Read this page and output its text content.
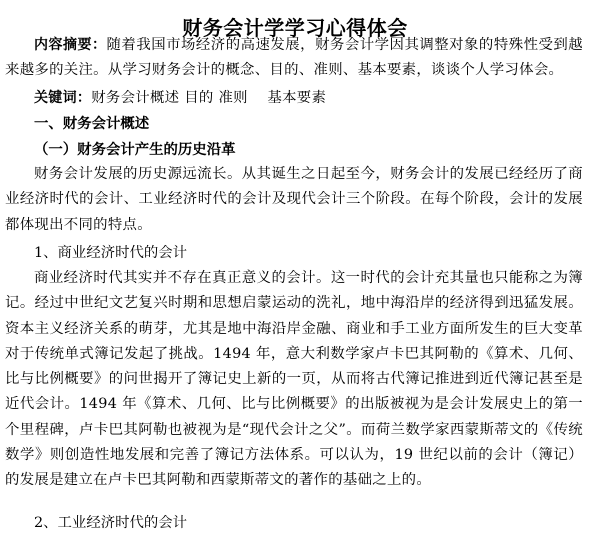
财务会计学学习心得体会

内容摘要：随着我国市场经济的高速发展，财务会计学因其调整对象的特殊性受到越来越多的关注。从学习财务会计的概念、目的、准则、基本要素，谈谈个人学习体会。

关键词：财务会计概述 目的 准则　 基本要素

一、财务会计概述
（一）财务会计产生的历史沿革

财务会计发展的历史源远流长。从其诞生之日起至今，财务会计的发展已经经历了商业经济时代的会计、工业经济时代的会计及现代会计三个阶段。在每个阶段，会计的发展都体现出不同的特点。

1、商业经济时代的会计

商业经济时代其实并不存在真正意义的会计。这一时代的会计充其量也只能称之为簿记。经过中世纪文艺复兴时期和思想启蒙运动的洗礼，地中海沿岸的经济得到迅猛发展。资本主义经济关系的萌芽，尤其是地中海沿岸金融、商业和手工业方面所发生的巨大变革对于传统单式簿记发起了挑战。1494 年，意大利数学家卢卡巴其阿勒的《算术、几何、比与比例概要》的问世揭开了簿记史上新的一页，从而将古代簿记推进到近代簿记甚至是近代会计。1494 年《算术、几何、比与比例概要》的出版被视为是会计发展史上的第一个里程碑，卢卡巴其阿勒也被视为是“现代会计之父”。而荷兰数学家西蒙斯蒂文的《传统数学》则创造性地发展和完善了簿记方法体系。可以认为，19 世纪以前的会计（簿记）的发展是建立在卢卡巴其阿勒和西蒙斯蒂文的著作的基础之上的。

2、工业经济时代的会计
